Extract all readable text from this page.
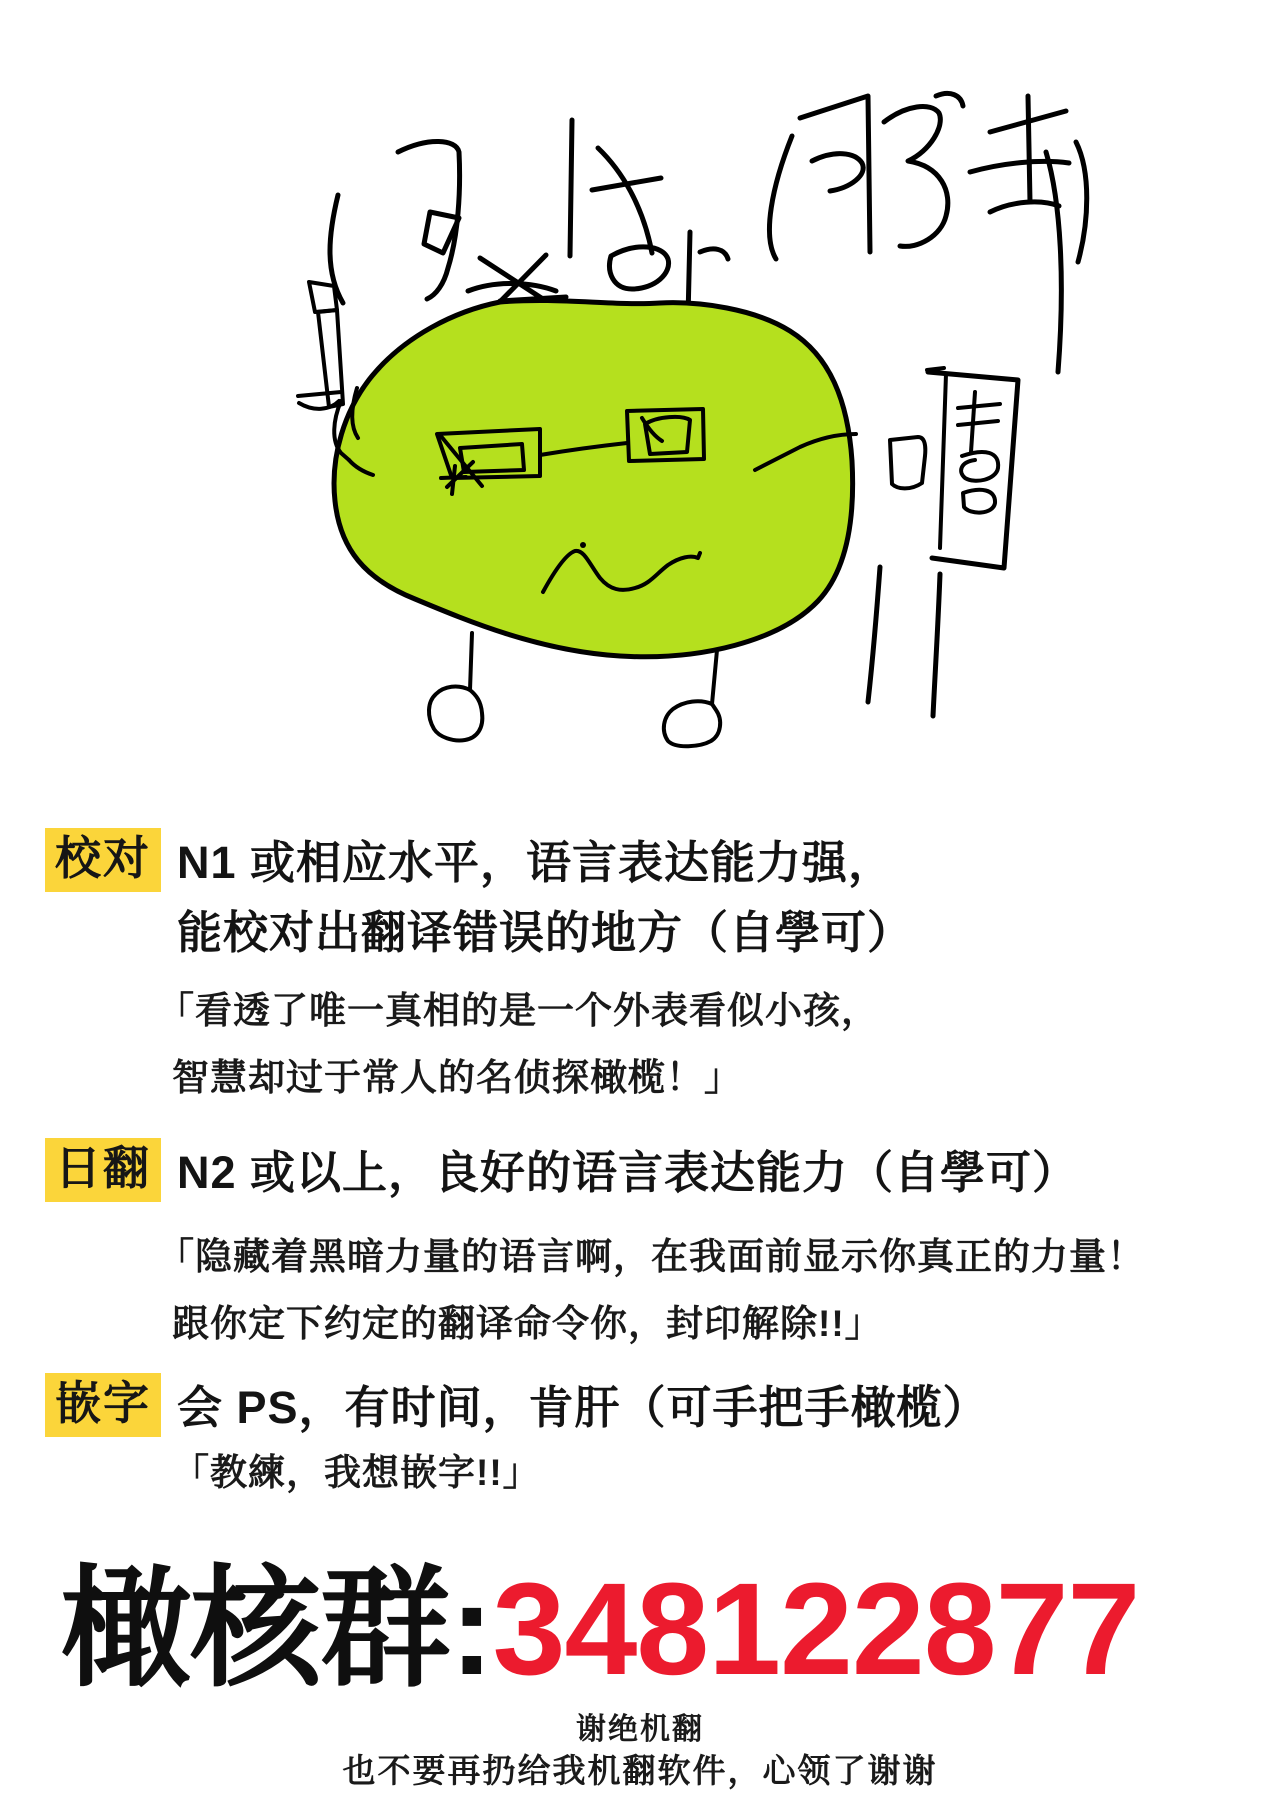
校对 N1 或相应水平，语言表达能力强，
能校对出翻译错误的地方（自學可）
「看透了唯一真相的是一个外表看似小孩，
智慧却过于常人的名侦探橄榄！」
日翻 N2 或以上，良好的语言表达能力（自學可）
「隐藏着黑暗力量的语言啊，在我面前显示你真正的力量！
跟你定下约定的翻译命令你，封印解除!!」
嵌字 会 PS，有时间，肯肝（可手把手橄榄）
「教練，我想嵌字!!」
橄核群:348122877
谢绝机翻
也不要再扔给我机翻软件，心领了谢谢
